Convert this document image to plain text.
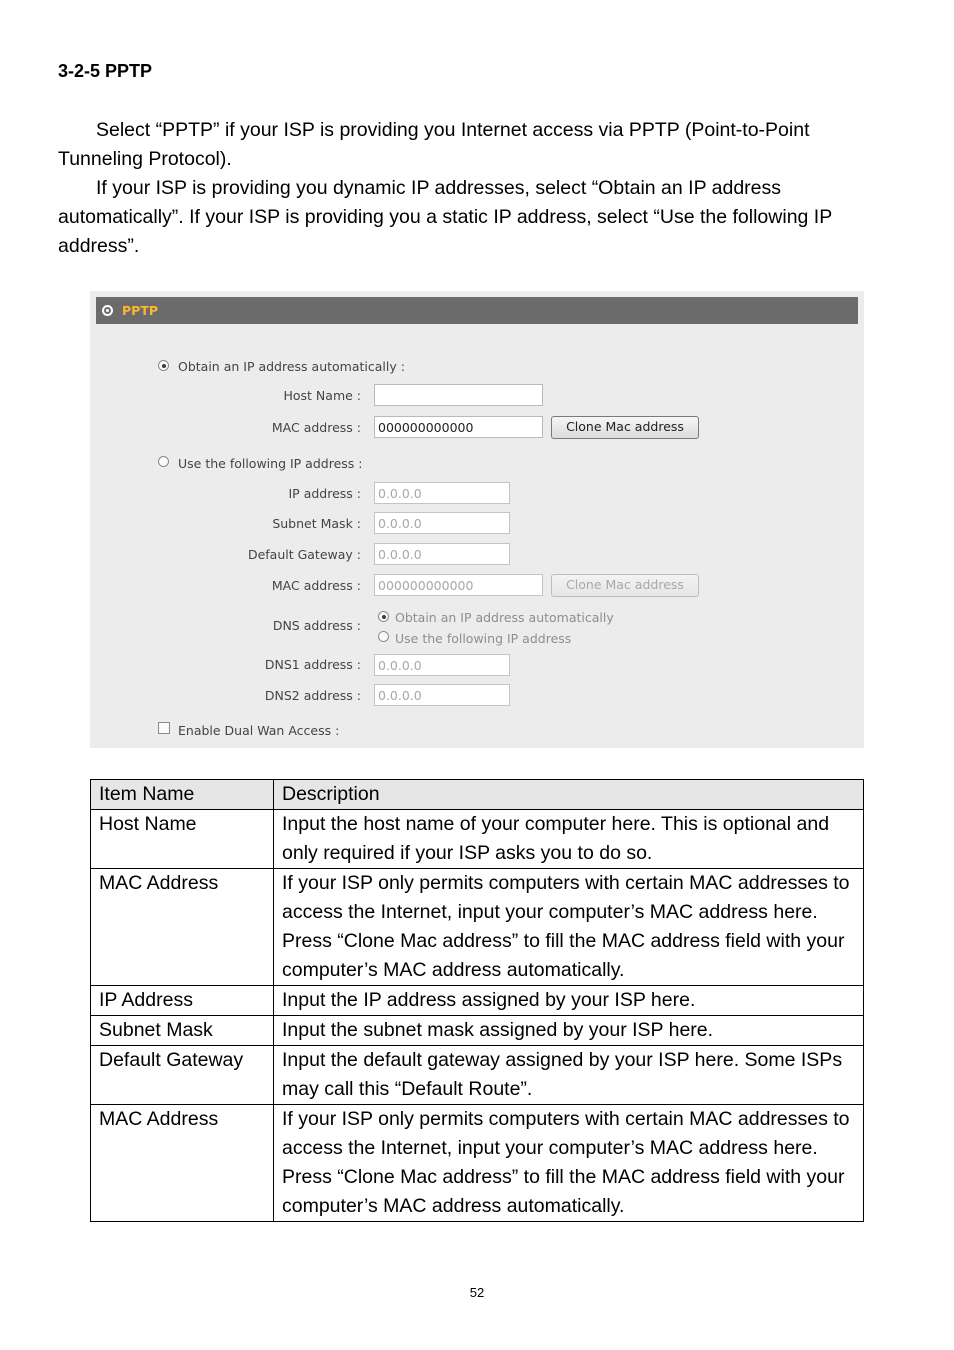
3-2-5 PPTP
Select “PPTP” if your ISP is providing you Internet access via PPTP (Point-to-Point Tunneling Protocol).
If your ISP is providing you dynamic IP addresses, select “Obtain an IP address automatically”. If your ISP is providing you a static IP address, select “Use the following IP address”.
PPTP
Obtain an IP address automatically :
Host Name :
MAC address :	000000000000	Clone Mac address
Use the following IP address :
IP address :	0.0.0.0
Subnet Mask :	0.0.0.0
Default Gateway :	0.0.0.0
MAC address :	000000000000	Clone Mac address
DNS address :
Obtain an IP address automatically
Use the following IP address
DNS1 address :	0.0.0.0
DNS2 address :	0.0.0.0
Enable Dual Wan Access :
Item Name	Description
Host Name	Input the host name of your computer here. This is optional and only required if your ISP asks you to do so.
MAC Address	If your ISP only permits computers with certain MAC addresses to access the Internet, input your computer’s MAC address here. Press “Clone Mac address” to fill the MAC address field with your computer’s MAC address automatically.
IP Address	Input the IP address assigned by your ISP here.
Subnet Mask	Input the subnet mask assigned by your ISP here.
Default Gateway	Input the default gateway assigned by your ISP here. Some ISPs may call this “Default Route”.
MAC Address	If your ISP only permits computers with certain MAC addresses to access the Internet, input your computer’s MAC address here. Press “Clone Mac address” to fill the MAC address field with your computer’s MAC address automatically.
52
